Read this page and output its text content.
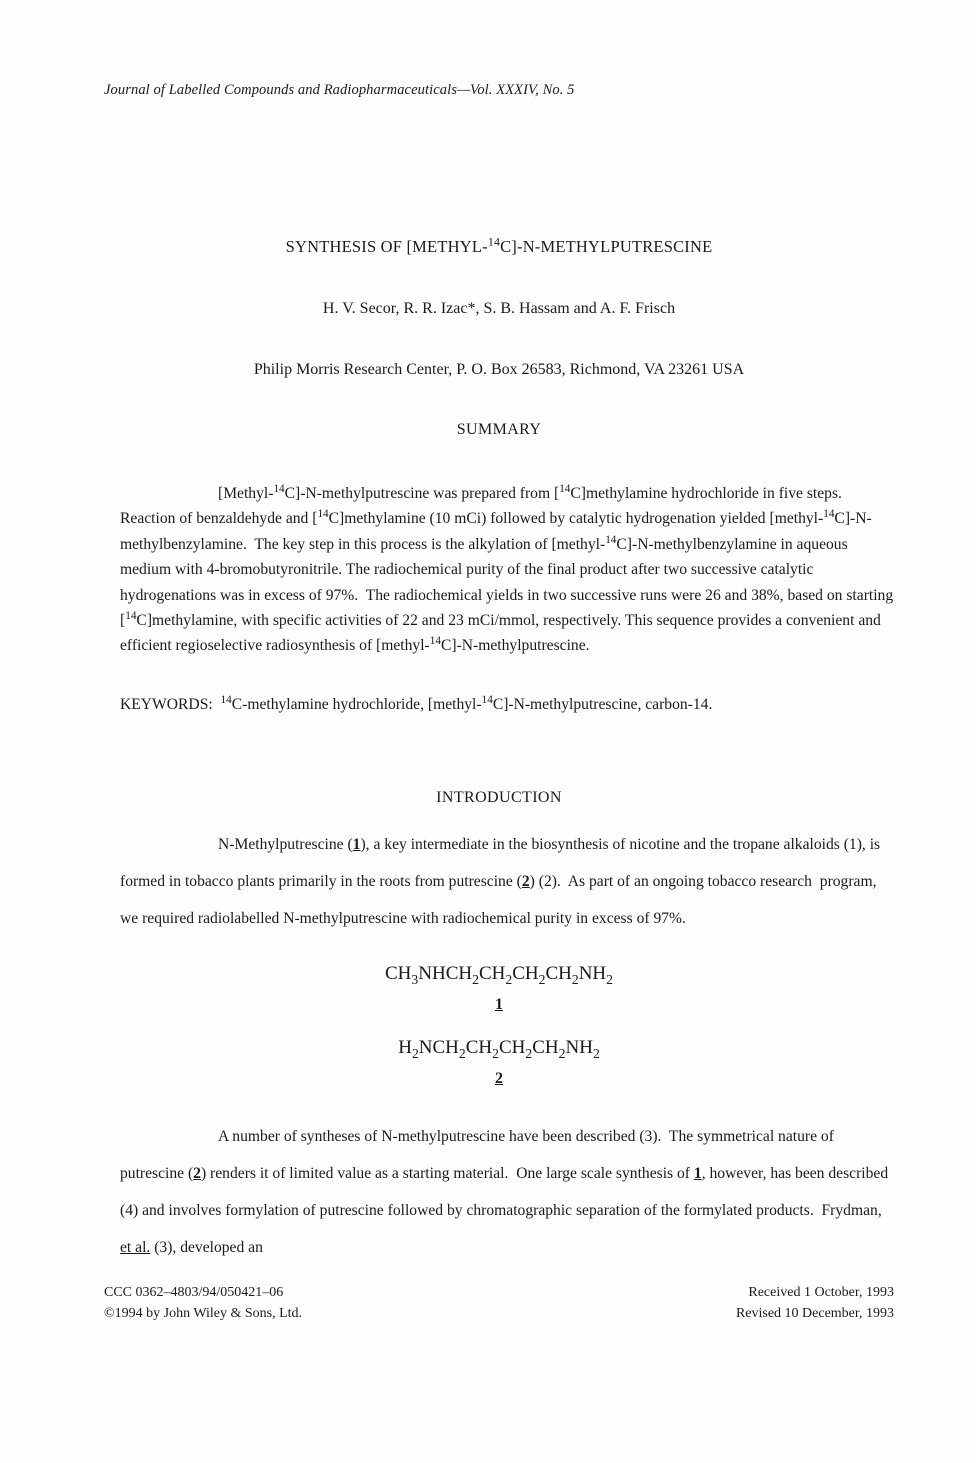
Journal of Labelled Compounds and Radiopharmaceuticals—Vol. XXXIV, No. 5
SYNTHESIS OF [METHYL-$^{14}$C]-N-METHYLPUTRESCINE
H. V. Secor, R. R. Izac*, S. B. Hassam and A. F. Frisch
Philip Morris Research Center, P. O. Box 26583, Richmond, VA 23261 USA
SUMMARY
[Methyl-$^{14}$C]-N-methylputrescine was prepared from [$^{14}$C]methylamine hydrochloride in five steps.  Reaction of benzaldehyde and [$^{14}$C]methylamine (10 mCi) followed by catalytic hydrogenation yielded [methyl-$^{14}$C]-N-methylbenzylamine.  The key step in this process is the alkylation of [methyl-$^{14}$C]-N-methylbenzylamine in aqueous medium with 4-bromobutyronitrile. The radiochemical purity of the final product after two successive catalytic hydrogenations was in excess of 97%.  The radiochemical yields in two successive runs were 26 and 38%, based on starting [$^{14}$C]methylamine, with specific activities of 22 and 23 mCi/mmol, respectively. This sequence provides a convenient and efficient regioselective radiosynthesis of [methyl-$^{14}$C]-N-methylputrescine.
KEYWORDS: $^{14}$C-methylamine hydrochloride, [methyl-$^{14}$C]-N-methylputrescine, carbon-14.
INTRODUCTION
N-Methylputrescine (1), a key intermediate in the biosynthesis of nicotine and the tropane alkaloids (1), is formed in tobacco plants primarily in the roots from putrescine (2) (2).  As part of an ongoing tobacco research  program, we required radiolabelled N-methylputrescine with radiochemical purity in excess of 97%.
$CH_3NHCH_2CH_2CH_2CH_2NH_2$
1
$H_2NCH_2CH_2CH_2CH_2NH_2$
2
A number of syntheses of N-methylputrescine have been described (3).  The symmetrical nature of putrescine (2) renders it of limited value as a starting material.  One large scale synthesis of 1, however, has been described (4) and involves formylation of putrescine followed by chromatographic separation of the formylated products.  Frydman, et al. (3), developed an
CCC 0362–4803/94/050421–06
©1994 by John Wiley & Sons, Ltd.
Received 1 October, 1993
Revised 10 December, 1993
